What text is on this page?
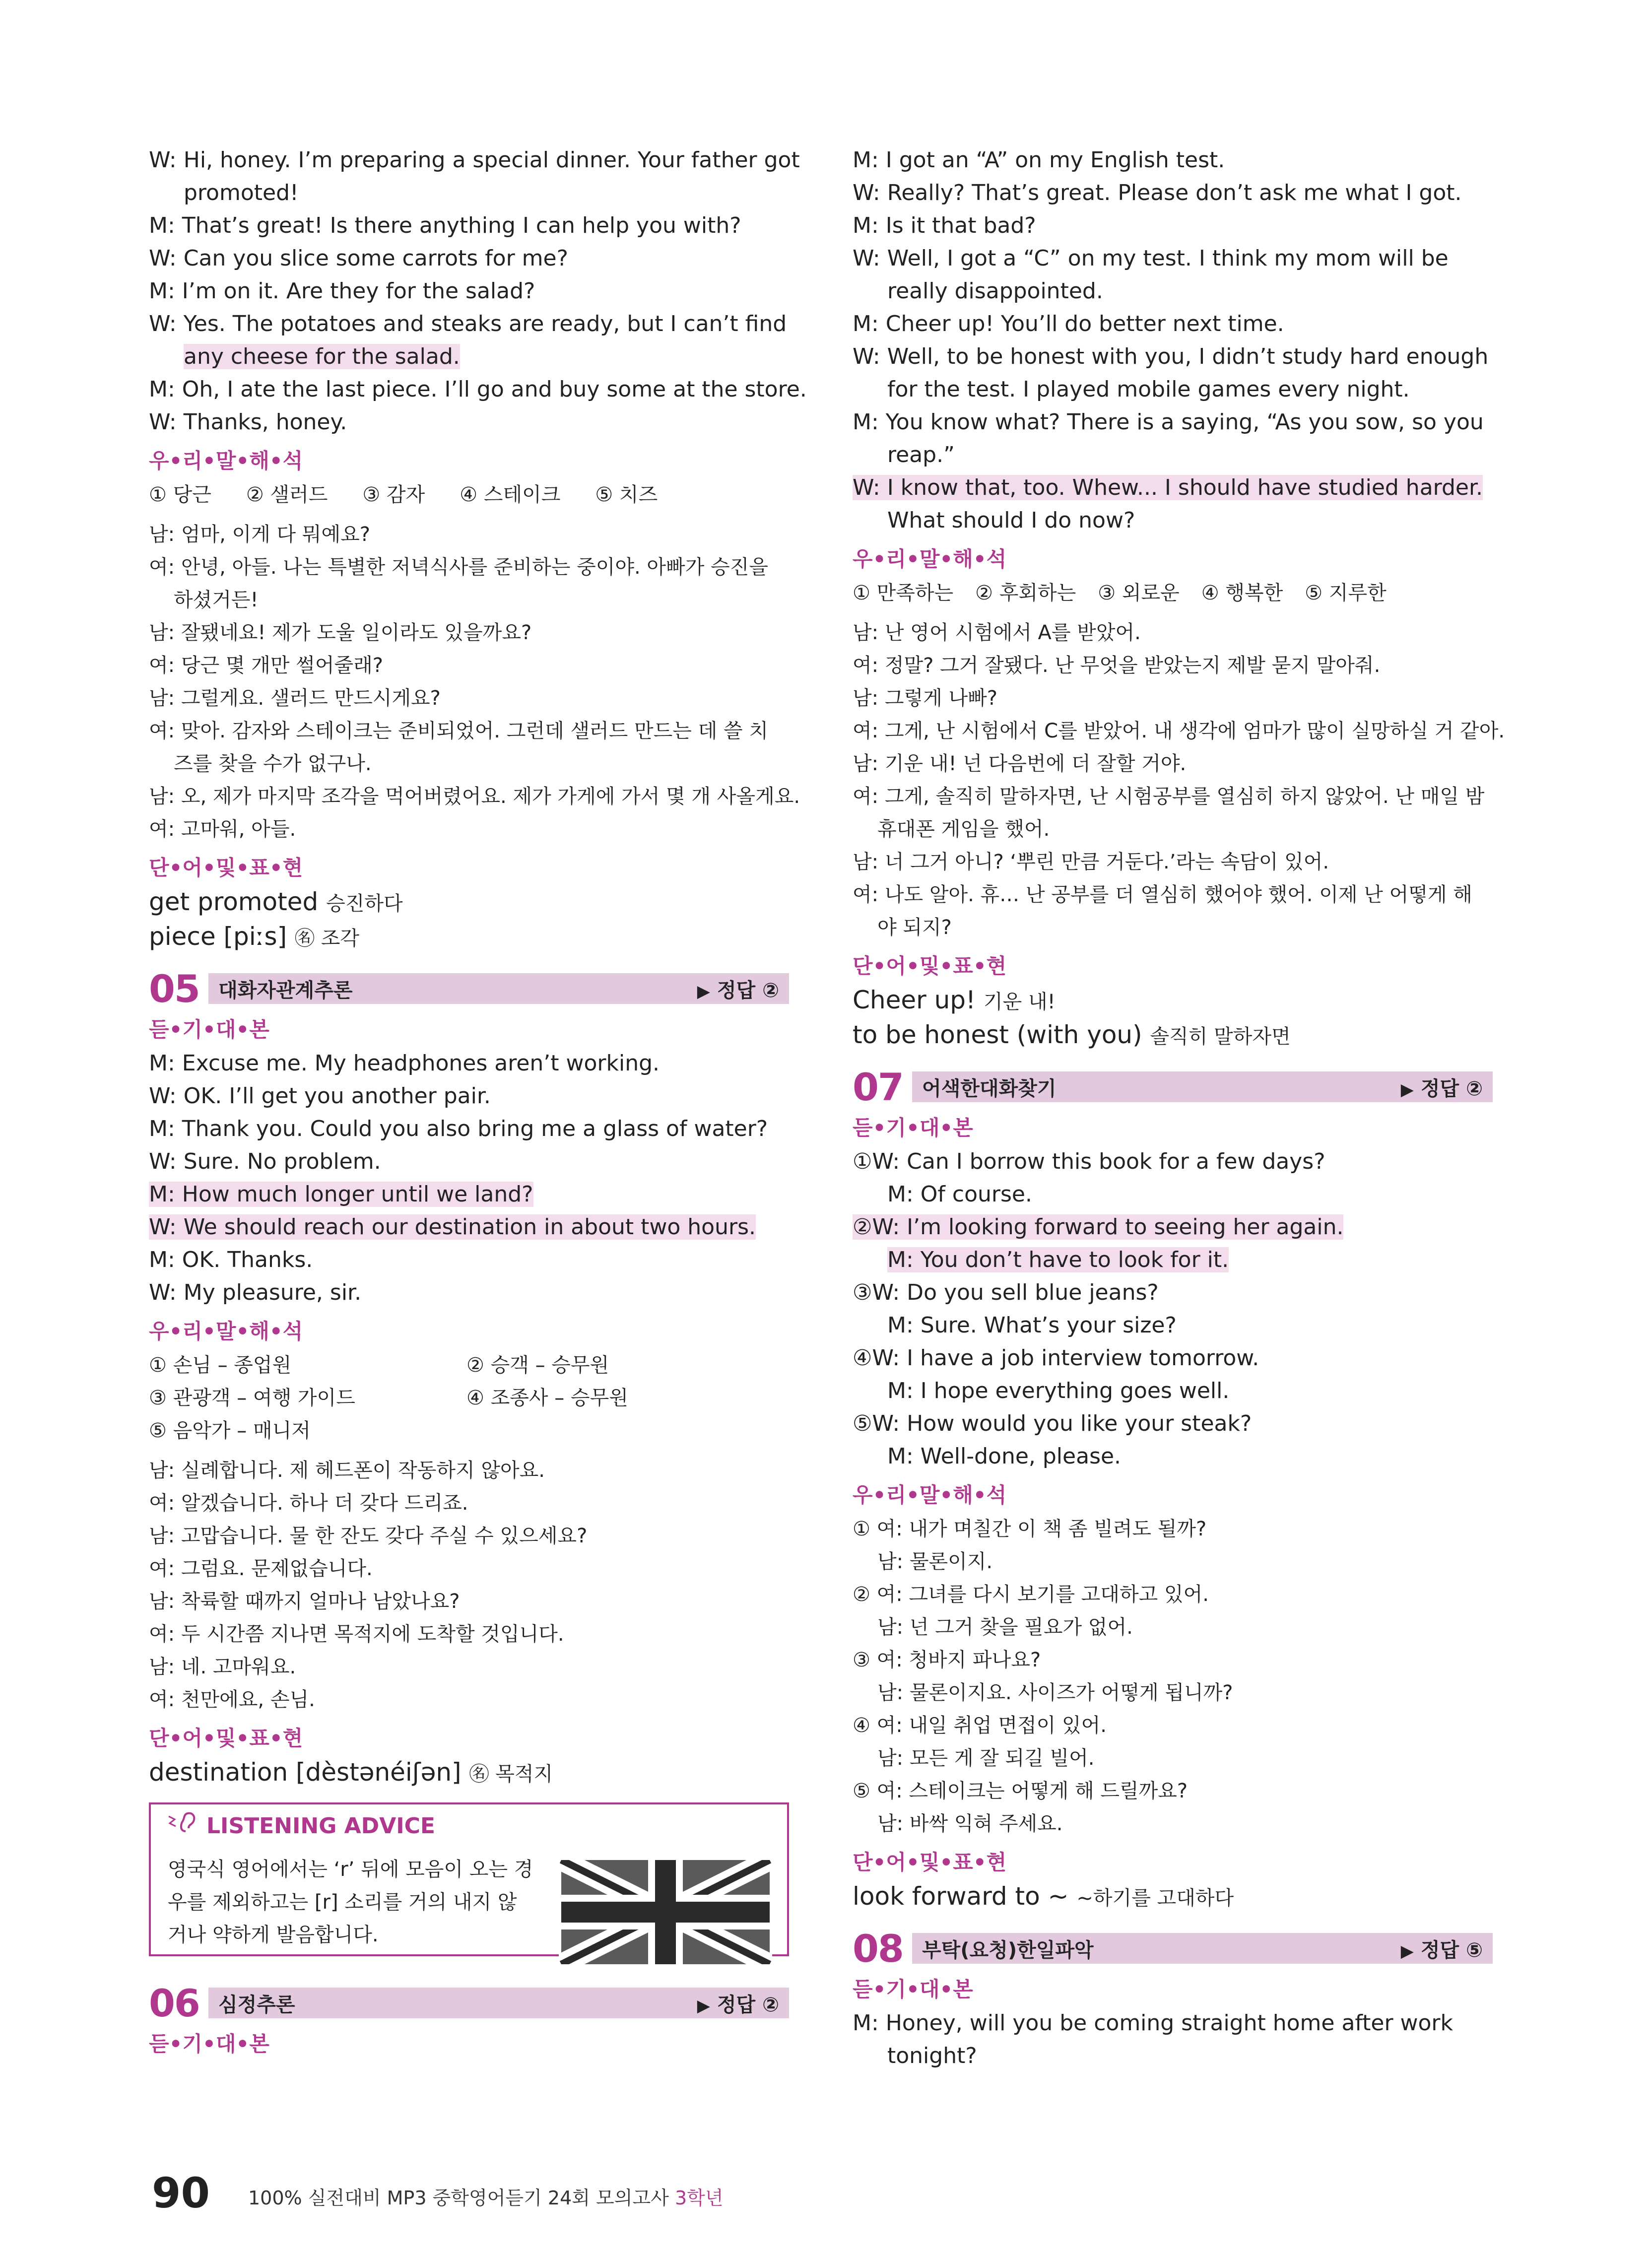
W: Hi, honey. I’m preparing a special dinner. Your father got
promoted!
M: That’s great! Is there anything I can help you with?
W: Can you slice some carrots for me?
M: I’m on it. Are they for the salad?
W: Yes. The potatoes and steaks are ready, but I can’t find
any cheese for the salad.
M: Oh, I ate the last piece. I’ll go and buy some at the store.
W: Thanks, honey.
우•리•말•해•석
① 당근 ② 샐러드 ③ 감자 ④ 스테이크 ⑤ 치즈
남: 엄마, 이게 다 뭐예요?
여: 안녕, 아들. 나는 특별한 저녁식사를 준비하는 중이야. 아빠가 승진을
하셨거든!
남: 잘됐네요! 제가 도울 일이라도 있을까요?
여: 당근 몇 개만 썰어줄래?
남: 그럴게요. 샐러드 만드시게요?
여: 맞아. 감자와 스테이크는 준비되었어. 그런데 샐러드 만드는 데 쓸 치
즈를 찾을 수가 없구나.
남: 오, 제가 마지막 조각을 먹어버렸어요. 제가 가게에 가서 몇 개 사올게요.
여: 고마워, 아들.
단•어•및•표•현
get promoted 승진하다
piece [piːs] ㊔ 조각
05 대화자관계추론	▶ 정답 ②
듣•기•대•본
M: Excuse me. My headphones aren’t working.
W: OK. I’ll get you another pair.
M: Thank you. Could you also bring me a glass of water?
W: Sure. No problem.
M: How much longer until we land?
W: We should reach our destination in about two hours.
M: OK. Thanks.
W: My pleasure, sir.
우•리•말•해•석
① 손님 – 종업원	② 승객 – 승무원
③ 관광객 – 여행 가이드	④ 조종사 – 승무원
⑤ 음악가 – 매니저
남: 실례합니다. 제 헤드폰이 작동하지 않아요.
여: 알겠습니다. 하나 더 갖다 드리죠.
남: 고맙습니다. 물 한 잔도 갖다 주실 수 있으세요?
여: 그럼요. 문제없습니다.
남: 착륙할 때까지 얼마나 남았나요?
여: 두 시간쯤 지나면 목적지에 도착할 것입니다.
남: 네. 고마워요.
여: 천만에요, 손님.
단•어•및•표•현
destination [dèstənéiʃən] ㊔ 목적지
LISTENING ADVICE
영국식 영어에서는 ‘r’ 뒤에 모음이 오는 경우를 제외하고는 [r] 소리를 거의 내지 않거나 약하게 발음합니다.
06 심정추론	▶ 정답 ②
듣•기•대•본
M: I got an “A” on my English test.
W: Really? That’s great. Please don’t ask me what I got.
M: Is it that bad?
W: Well, I got a “C” on my test. I think my mom will be
really disappointed.
M: Cheer up! You’ll do better next time.
W: Well, to be honest with you, I didn’t study hard enough
for the test. I played mobile games every night.
M: You know what? There is a saying, “As you sow, so you
reap.”
W: I know that, too. Whew... I should have studied harder.
What should I do now?
우•리•말•해•석
① 만족하는 ② 후회하는 ③ 외로운 ④ 행복한 ⑤ 지루한
남: 난 영어 시험에서 A를 받았어.
여: 정말? 그거 잘됐다. 난 무엇을 받았는지 제발 묻지 말아줘.
남: 그렇게 나빠?
여: 그게, 난 시험에서 C를 받았어. 내 생각에 엄마가 많이 실망하실 거 같아.
남: 기운 내! 넌 다음번에 더 잘할 거야.
여: 그게, 솔직히 말하자면, 난 시험공부를 열심히 하지 않았어. 난 매일 밤
휴대폰 게임을 했어.
남: 너 그거 아니? ‘뿌린 만큼 거둔다.’라는 속담이 있어.
여: 나도 알아. 휴… 난 공부를 더 열심히 했어야 했어. 이제 난 어떻게 해
야 되지?
단•어•및•표•현
Cheer up! 기운 내!
to be honest (with you) 솔직히 말하자면
07 어색한대화찾기	▶ 정답 ②
듣•기•대•본
①W: Can I borrow this book for a few days?
M: Of course.
②W: I’m looking forward to seeing her again.
M: You don’t have to look for it.
③W: Do you sell blue jeans?
M: Sure. What’s your size?
④W: I have a job interview tomorrow.
M: I hope everything goes well.
⑤W: How would you like your steak?
M: Well-done, please.
우•리•말•해•석
① 여: 내가 며칠간 이 책 좀 빌려도 될까?
남: 물론이지.
② 여: 그녀를 다시 보기를 고대하고 있어.
남: 넌 그거 찾을 필요가 없어.
③ 여: 청바지 파나요?
남: 물론이지요. 사이즈가 어떻게 됩니까?
④ 여: 내일 취업 면접이 있어.
남: 모든 게 잘 되길 빌어.
⑤ 여: 스테이크는 어떻게 해 드릴까요?
남: 바싹 익혀 주세요.
단•어•및•표•현
look forward to ~ ~하기를 고대하다
08 부탁(요청)한일파악	▶ 정답 ⑤
듣•기•대•본
M: Honey, will you be coming straight home after work
tonight?
90 100% 실전대비 MP3 중학영어듣기 24회 모의고사 3학년
